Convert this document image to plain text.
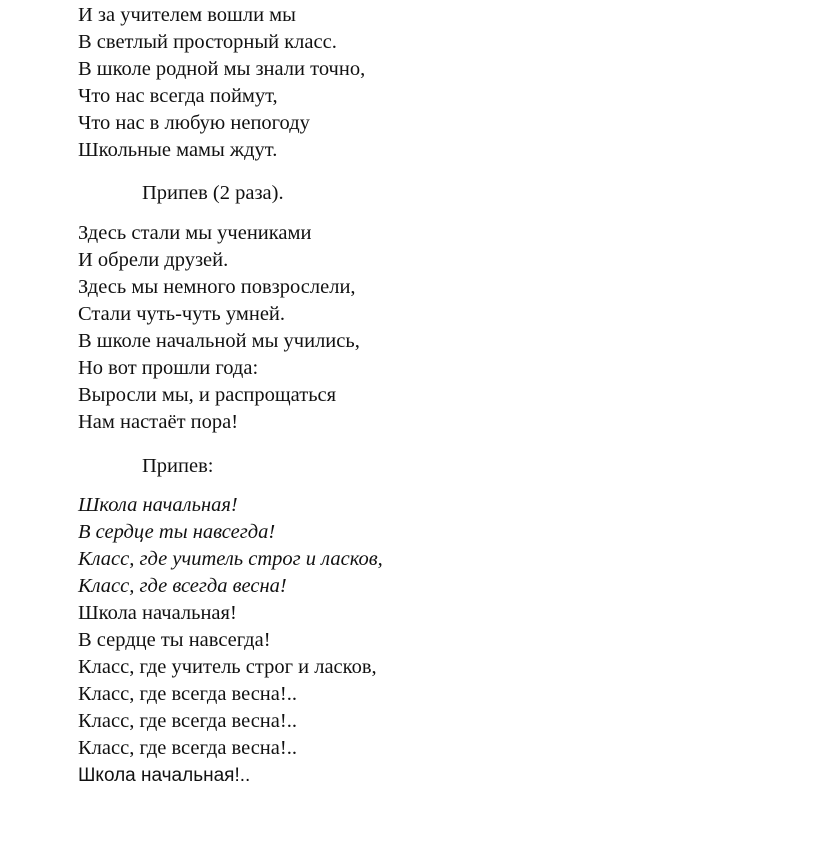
И за учителем вошли мы
В светлый просторный класс.
В школе родной мы знали точно,
Что нас всегда поймут,
Что нас в любую непогоду
Школьные мамы ждут.
Припев (2 раза).
Здесь стали мы учениками
И обрели друзей.
Здесь мы немного повзрослели,
Стали чуть-чуть умней.
В школе начальной мы учились,
Но вот прошли года:
Выросли мы, и распрощаться
Нам настаёт пора!
Припев:
Школа начальная!
В сердце ты навсегда!
Класс, где учитель строг и ласков,
Класс, где всегда весна!
Школа начальная!
В сердце ты навсегда!
Класс, где учитель строг и ласков,
Класс, где всегда весна!..
Класс, где всегда весна!..
Класс, где всегда весна!..
Школа начальная!..
